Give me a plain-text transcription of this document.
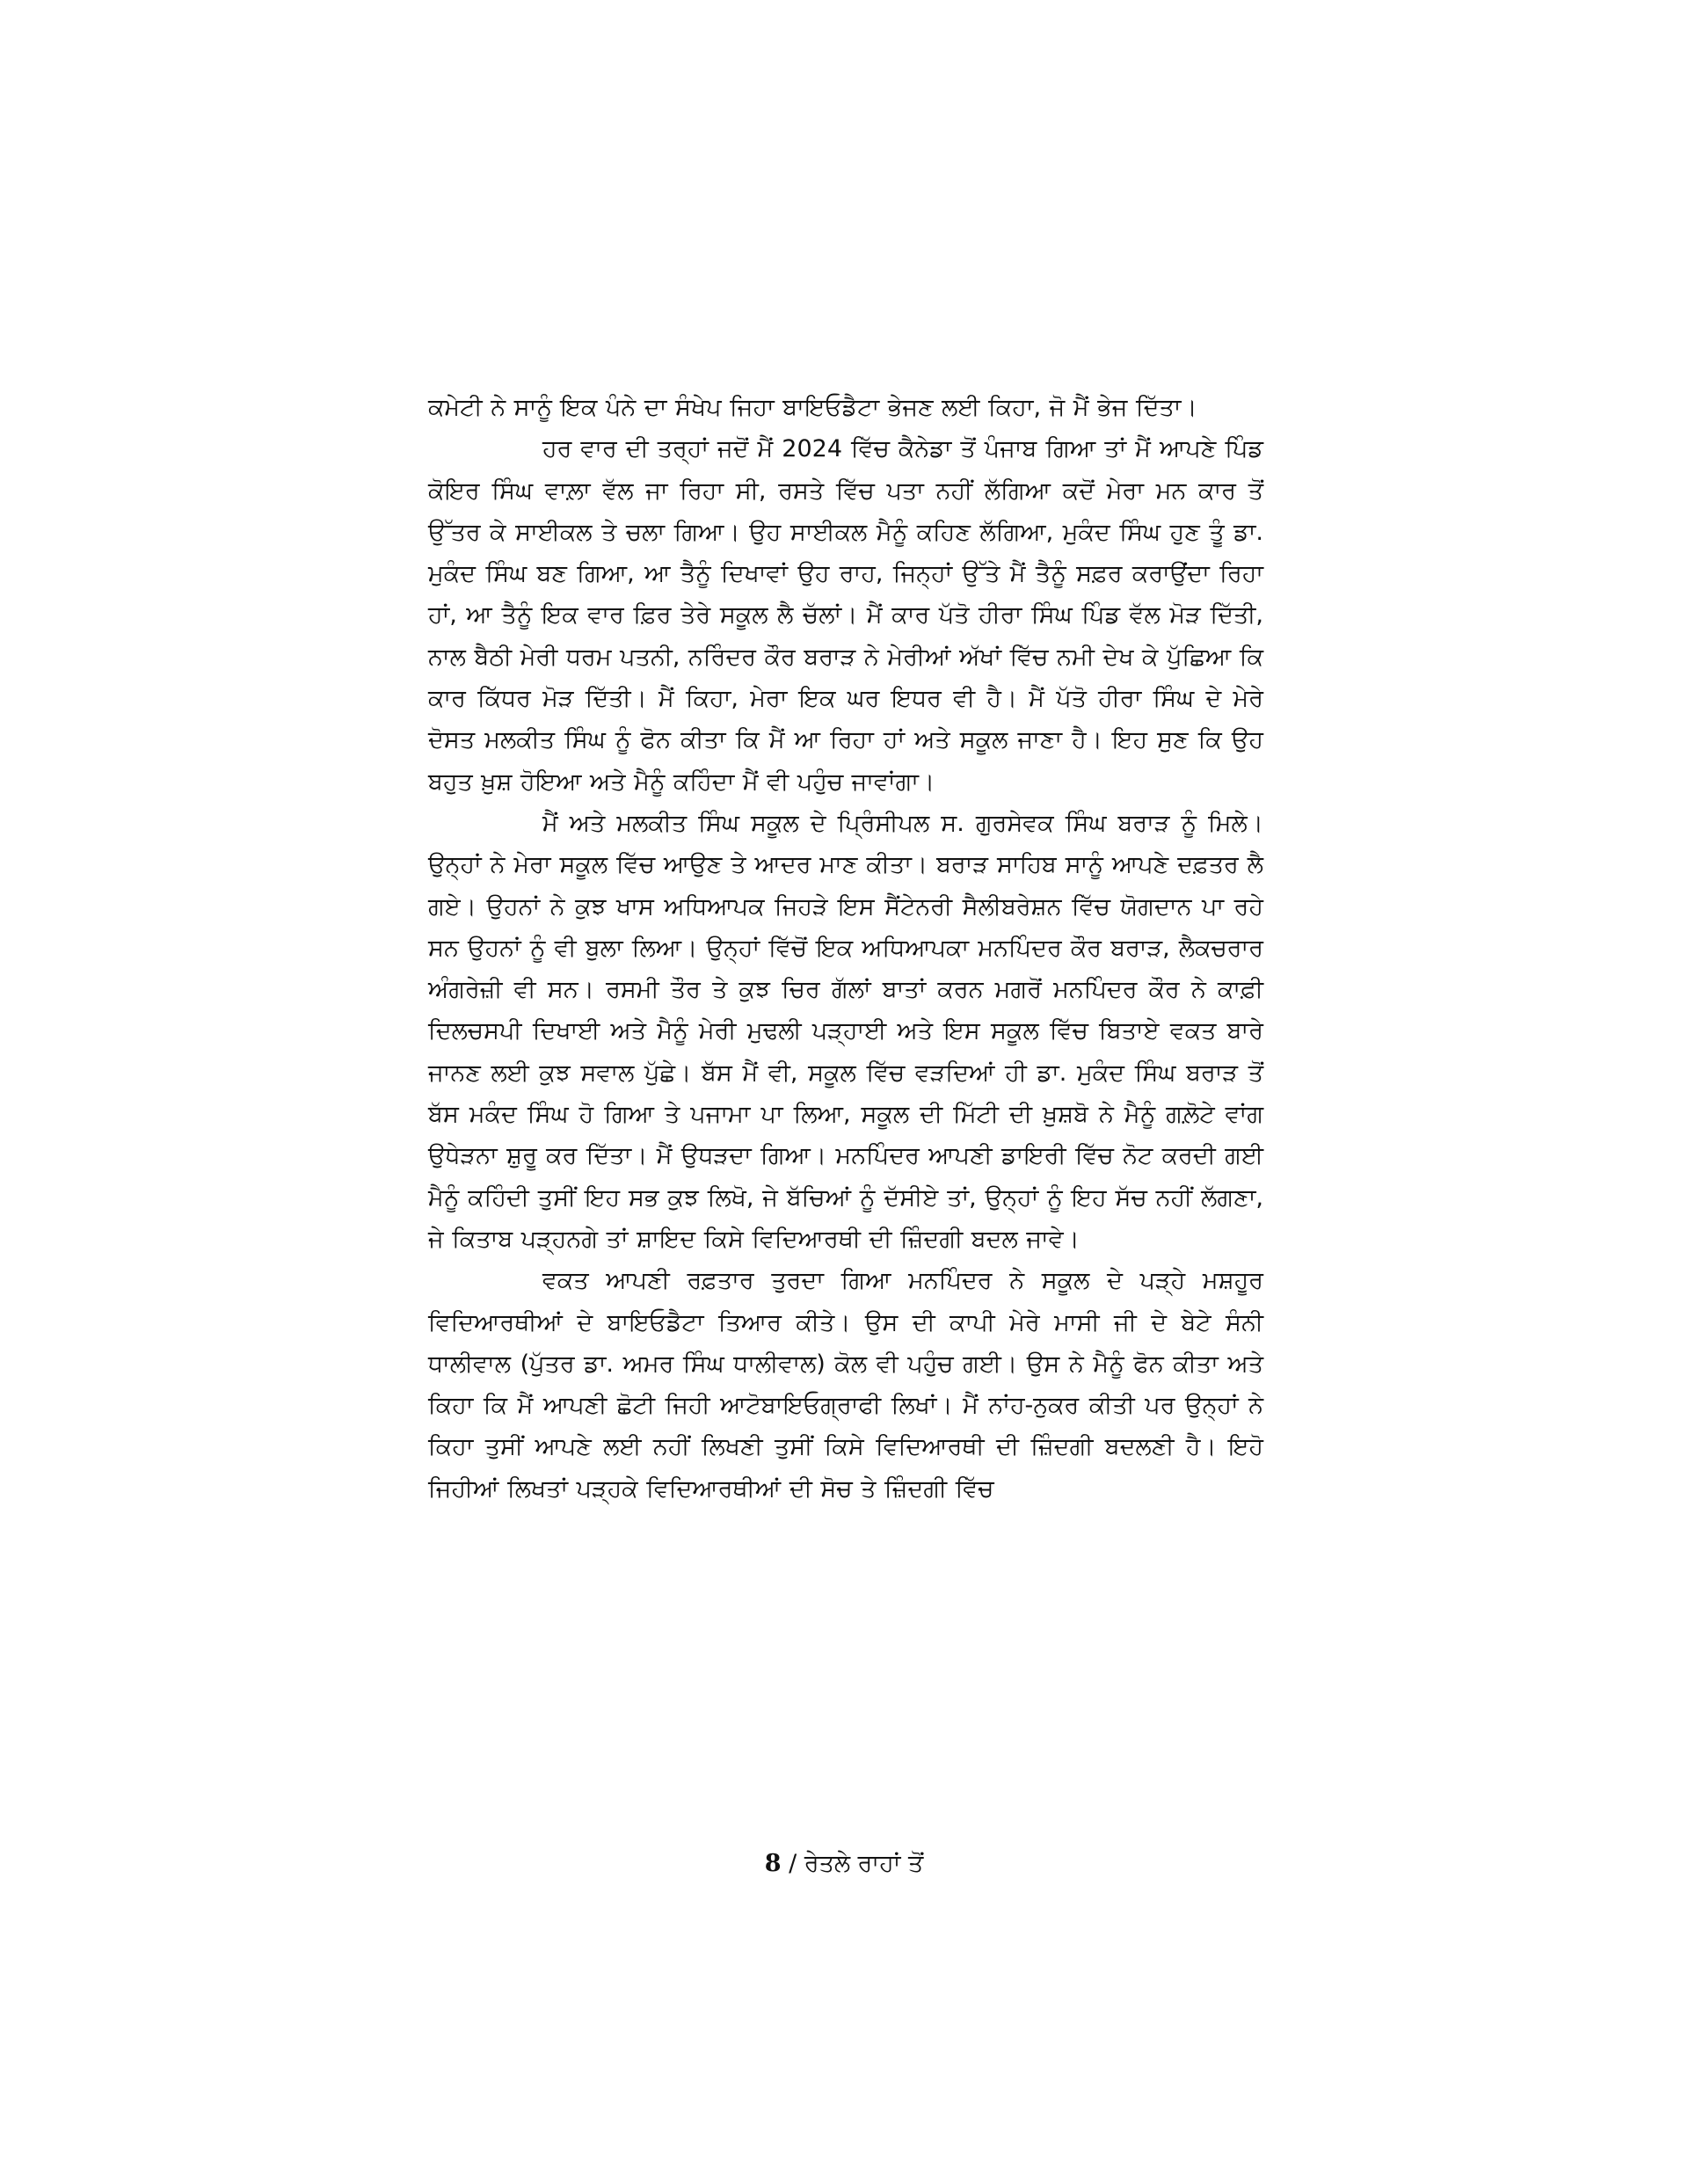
ਕਮੇਟੀ ਨੇ ਸਾਨੂੰ ਇਕ ਪੰਨੇ ਦਾ ਸੰਖੇਪ ਜਿਹਾ ਬਾਇਓਡੈਟਾ ਭੇਜਣ ਲਈ ਕਿਹਾ, ਜੋ ਮੈਂ ਭੇਜ ਦਿੱਤਾ।

ਹਰ ਵਾਰ ਦੀ ਤਰ੍ਹਾਂ ਜਦੋਂ ਮੈਂ 2024 ਵਿੱਚ ਕੈਨੇਡਾ ਤੋਂ ਪੰਜਾਬ ਗਿਆ ਤਾਂ ਮੈਂ ਆਪਣੇ ਪਿੰਡ ਕੋਇਰ ਸਿੰਘ ਵਾਲ਼ਾ ਵੱਲ ਜਾ ਰਿਹਾ ਸੀ, ਰਸਤੇ ਵਿੱਚ ਪਤਾ ਨਹੀਂ ਲੱਗਿਆ ਕਦੋਂ ਮੇਰਾ ਮਨ ਕਾਰ ਤੋਂ ਉੱਤਰ ਕੇ ਸਾਈਕਲ ਤੇ ਚਲਾ ਗਿਆ। ਉਹ ਸਾਈਕਲ ਮੈਨੂੰ ਕਹਿਣ ਲੱਗਿਆ, ਮੁਕੰਦ ਸਿੰਘ ਹੁਣ ਤੂੰ ਡਾ. ਮੁਕੰਦ ਸਿੰਘ ਬਣ ਗਿਆ, ਆ ਤੈਨੂੰ ਦਿਖਾਵਾਂ ਉਹ ਰਾਹ, ਜਿਨ੍ਹਾਂ ਉੱਤੇ ਮੈਂ ਤੈਨੂੰ ਸਫ਼ਰ ਕਰਾਉਂਦਾ ਰਿਹਾ ਹਾਂ, ਆ ਤੈਨੂੰ ਇਕ ਵਾਰ ਫ਼ਿਰ ਤੇਰੇ ਸਕੂਲ ਲੈ ਚੱਲਾਂ। ਮੈਂ ਕਾਰ ਪੱਤੋ ਹੀਰਾ ਸਿੰਘ ਪਿੰਡ ਵੱਲ ਮੋੜ ਦਿੱਤੀ, ਨਾਲ ਬੈਠੀ ਮੇਰੀ ਧਰਮ ਪਤਨੀ, ਨਰਿੰਦਰ ਕੌਰ ਬਰਾੜ ਨੇ ਮੇਰੀਆਂ ਅੱਖਾਂ ਵਿੱਚ ਨਮੀ ਦੇਖ ਕੇ ਪੁੱਛਿਆ ਕਿ ਕਾਰ ਕਿੱਧਰ ਮੋੜ ਦਿੱਤੀ। ਮੈਂ ਕਿਹਾ, ਮੇਰਾ ਇਕ ਘਰ ਇਧਰ ਵੀ ਹੈ। ਮੈਂ ਪੱਤੋ ਹੀਰਾ ਸਿੰਘ ਦੇ ਮੇਰੇ ਦੋਸਤ ਮਲਕੀਤ ਸਿੰਘ ਨੂੰ ਫੋਨ ਕੀਤਾ ਕਿ ਮੈਂ ਆ ਰਿਹਾ ਹਾਂ ਅਤੇ ਸਕੂਲ ਜਾਣਾ ਹੈ। ਇਹ ਸੁਣ ਕਿ ਉਹ ਬਹੁਤ ਖ਼ੁਸ਼ ਹੋਇਆ ਅਤੇ ਮੈਨੂੰ ਕਹਿੰਦਾ ਮੈਂ ਵੀ ਪਹੁੰਚ ਜਾਵਾਂਗਾ।

ਮੈਂ ਅਤੇ ਮਲਕੀਤ ਸਿੰਘ ਸਕੂਲ ਦੇ ਪ੍ਰਿੰਸੀਪਲ ਸ. ਗੁਰਸੇਵਕ ਸਿੰਘ ਬਰਾੜ ਨੂੰ ਮਿਲੇ। ਉਨ੍ਹਾਂ ਨੇ ਮੇਰਾ ਸਕੂਲ ਵਿੱਚ ਆਉਣ ਤੇ ਆਦਰ ਮਾਣ ਕੀਤਾ। ਬਰਾੜ ਸਾਹਿਬ ਸਾਨੂੰ ਆਪਣੇ ਦਫ਼ਤਰ ਲੈ ਗਏ। ਉਹਨਾਂ ਨੇ ਕੁਝ ਖਾਸ ਅਧਿਆਪਕ ਜਿਹੜੇ ਇਸ ਸੈਂਟੇਨਰੀ ਸੈਲੀਬਰੇਸ਼ਨ ਵਿੱਚ ਯੋਗਦਾਨ ਪਾ ਰਹੇ ਸਨ ਉਹਨਾਂ ਨੂੰ ਵੀ ਬੁਲਾ ਲਿਆ। ਉਨ੍ਹਾਂ ਵਿੱਚੋਂ ਇਕ ਅਧਿਆਪਕਾ ਮਨਪਿੰਦਰ ਕੌਰ ਬਰਾੜ, ਲੈਕਚਰਾਰ ਅੰਗਰੇਜ਼ੀ ਵੀ ਸਨ। ਰਸਮੀ ਤੌਰ ਤੇ ਕੁਝ ਚਿਰ ਗੱਲਾਂ ਬਾਤਾਂ ਕਰਨ ਮਗਰੋਂ ਮਨਪਿੰਦਰ ਕੌਰ ਨੇ ਕਾਫ਼ੀ ਦਿਲਚਸਪੀ ਦਿਖਾਈ ਅਤੇ ਮੈਨੂੰ ਮੇਰੀ ਮੁਢਲੀ ਪੜ੍ਹਾਈ ਅਤੇ ਇਸ ਸਕੂਲ ਵਿੱਚ ਬਿਤਾਏ ਵਕਤ ਬਾਰੇ ਜਾਨਣ ਲਈ ਕੁਝ ਸਵਾਲ ਪੁੱਛੇ। ਬੱਸ ਮੈਂ ਵੀ, ਸਕੂਲ ਵਿੱਚ ਵੜਦਿਆਂ ਹੀ ਡਾ. ਮੁਕੰਦ ਸਿੰਘ ਬਰਾੜ ਤੋਂ ਬੱਸ ਮਕੰਦ ਸਿੰਘ ਹੋ ਗਿਆ ਤੇ ਪਜਾਮਾ ਪਾ ਲਿਆ, ਸਕੂਲ ਦੀ ਮਿੱਟੀ ਦੀ ਖ਼ੁਸ਼ਬੋ ਨੇ ਮੈਨੂੰ ਗਲ਼ੋਟੇ ਵਾਂਗ ਉਧੇੜਨਾ ਸ਼ੁਰੂ ਕਰ ਦਿੱਤਾ। ਮੈਂ ਉਧੜਦਾ ਗਿਆ। ਮਨਪਿੰਦਰ ਆਪਣੀ ਡਾਇਰੀ ਵਿੱਚ ਨੋਟ ਕਰਦੀ ਗਈ ਮੈਨੂੰ ਕਹਿੰਦੀ ਤੁਸੀਂ ਇਹ ਸਭ ਕੁਝ ਲਿਖੋ, ਜੇ ਬੱਚਿਆਂ ਨੂੰ ਦੱਸੀਏ ਤਾਂ, ਉਨ੍ਹਾਂ ਨੂੰ ਇਹ ਸੱਚ ਨਹੀਂ ਲੱਗਣਾ, ਜੇ ਕਿਤਾਬ ਪੜ੍ਹਨਗੇ ਤਾਂ ਸ਼ਾਇਦ ਕਿਸੇ ਵਿਦਿਆਰਥੀ ਦੀ ਜ਼ਿੰਦਗੀ ਬਦਲ ਜਾਵੇ।

ਵਕਤ ਆਪਣੀ ਰਫ਼ਤਾਰ ਤੁਰਦਾ ਗਿਆ ਮਨਪਿੰਦਰ ਨੇ ਸਕੂਲ ਦੇ ਪੜ੍ਹੇ ਮਸ਼ਹੂਰ ਵਿਦਿਆਰਥੀਆਂ ਦੇ ਬਾਇਓਡੈਟਾ ਤਿਆਰ ਕੀਤੇ। ਉਸ ਦੀ ਕਾਪੀ ਮੇਰੇ ਮਾਸੀ ਜੀ ਦੇ ਬੇਟੇ ਸੰਨੀ ਧਾਲੀਵਾਲ (ਪੁੱਤਰ ਡਾ. ਅਮਰ ਸਿੰਘ ਧਾਲੀਵਾਲ) ਕੋਲ ਵੀ ਪਹੁੰਚ ਗਈ। ਉਸ ਨੇ ਮੈਨੂੰ ਫੋਨ ਕੀਤਾ ਅਤੇ ਕਿਹਾ ਕਿ ਮੈਂ ਆਪਣੀ ਛੋਟੀ ਜਿਹੀ ਆਟੋਬਾਇਓਗ੍ਰਾਫੀ ਲਿਖਾਂ। ਮੈਂ ਨਾਂਹ-ਨੁਕਰ ਕੀਤੀ ਪਰ ਉਨ੍ਹਾਂ ਨੇ ਕਿਹਾ ਤੁਸੀਂ ਆਪਣੇ ਲਈ ਨਹੀਂ ਲਿਖਣੀ ਤੁਸੀਂ ਕਿਸੇ ਵਿਦਿਆਰਥੀ ਦੀ ਜ਼ਿੰਦਗੀ ਬਦਲਣੀ ਹੈ। ਇਹੋ ਜਿਹੀਆਂ ਲਿਖਤਾਂ ਪੜ੍ਹਕੇ ਵਿਦਿਆਰਥੀਆਂ ਦੀ ਸੋਚ ਤੇ ਜ਼ਿੰਦਗੀ ਵਿੱਚ

8 / ਰੇਤਲੇ ਰਾਹਾਂ ਤੋਂ
